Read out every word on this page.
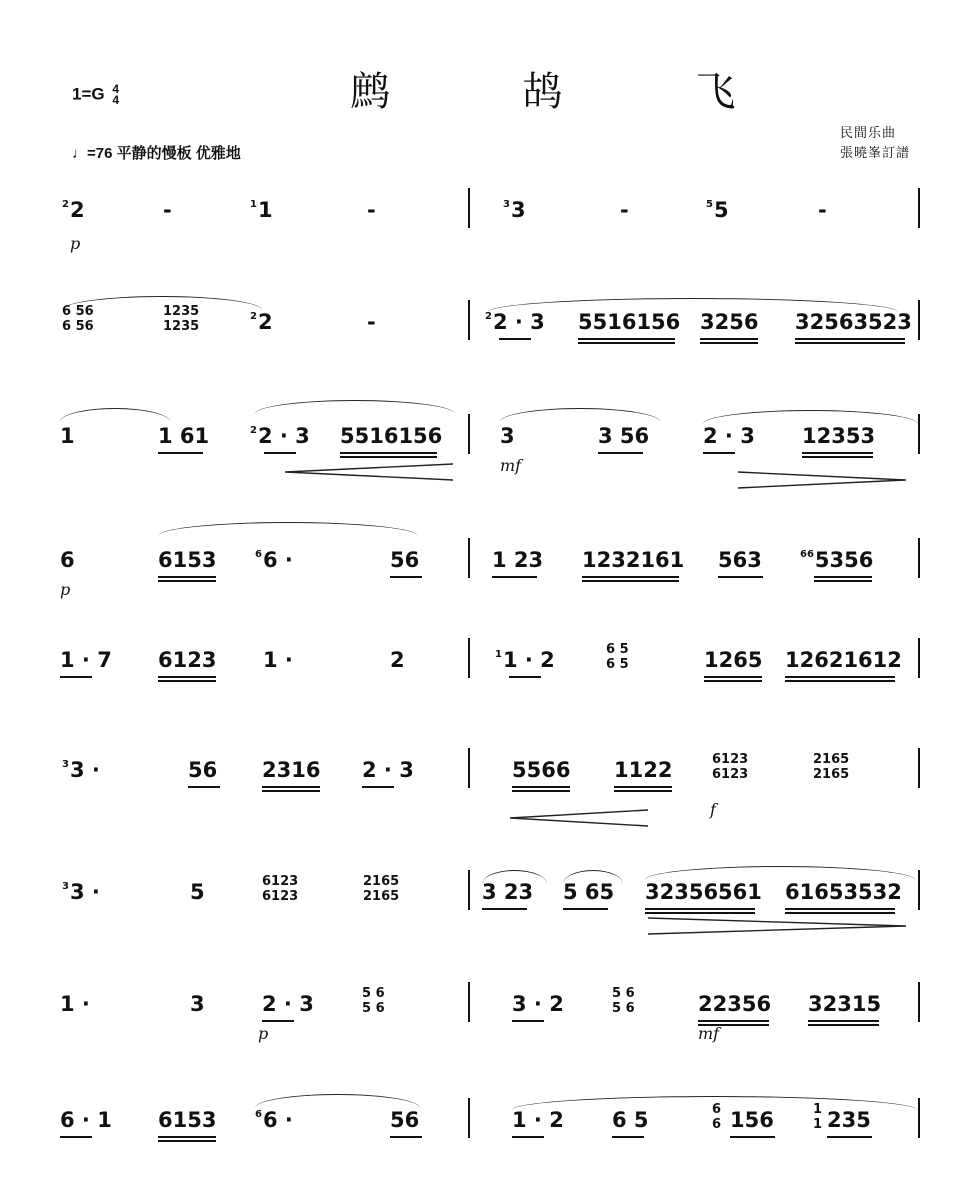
1=G 4
4	鹧 鸪 飞
♩=76 平静的慢板 优雅地
民間乐曲
張曉峯訂譜
$^2$2	-	$^1$1	-	$^3$3	-	$^5$5	-
p
$^2$2	-	$^2$2 · 3 5516156 3256 32563523
6 56
6 56
1235
1235
1	1 61	$^2$2 · 3 5516156	3	3 56	2 · 3 12353
mf
6	6153	$^6$6 ·	56	1 23 1232161 563	$^{66}$5356
p
1 · 7 6123 1 ·	2	$^1$1 · 2	1265 12621612
6 5
6 5
$^3$3 ·	56 2316 2 · 3	5566 1122	6123
6123
2165
2165
f
$^3$3 ·	5	3 23 5 65 32356561 61653532
6123
6123
2165
2165
1 ·	3	2 · 3	3 · 2	22356 32315
5 6
5 6
5 6
5 6
p	mf
6 · 1 6153	$^6$6 ·	56	1 · 2 6 5	156	235
6
6
1
1
